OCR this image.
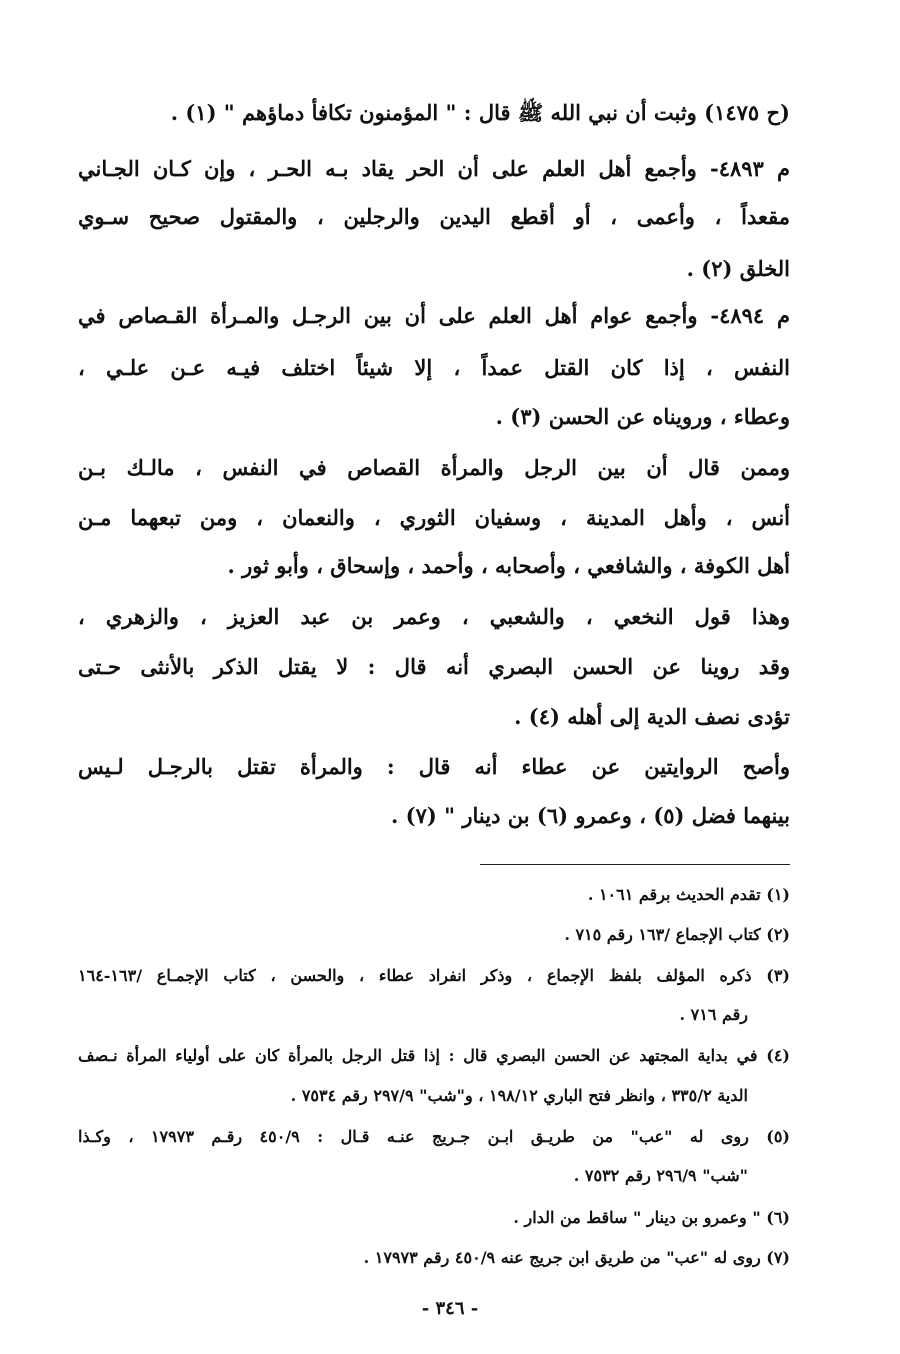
(ح ١٤٧٥) وثبت أن نبي الله ﷺ قال : " المؤمنون تكافأ دماؤهم " (١) .
م ٤٨٩٣- وأجمع أهل العلم على أن الحر يقاد بـه الحـر ، وإن كـان الجـاني
مقعداً ، وأعمى ، أو أقطع اليدين والرجلين ، والمقتول صحيح سـوي
الخلق (٢) .
م ٤٨٩٤- وأجمع عوام أهل العلم على أن بين الرجـل والمـرأة القـصاص في
النفس ، إذا كان القتل عمداً ، إلا شيئاً اختلف فيـه عـن علـي ،
وعطاء ، ورويناه عن الحسن (٣) .
وممن قال أن بين الرجل والمرأة القصاص في النفس ، مالـك بـن
أنس ، وأهل المدينة ، وسفيان الثوري ، والنعمان ، ومن تبعهما مـن
أهل الكوفة ، والشافعي ، وأصحابه ، وأحمد ، وإسحاق ، وأبو ثور .
وهذا قول النخعي ، والشعبي ، وعمر بن عبد العزيز ، والزهري ،
وقد روينا عن الحسن البصري أنه قال : لا يقتل الذكر بالأنثى حـتى
تؤدى نصف الدية إلى أهله (٤) .
وأصح الروايتين عن عطاء أنه قال : والمرأة تقتل بالرجـل لـيس
بينهما فضل (٥) ، وعمرو (٦) بن دينار " (٧) .
(١) تقدم الحديث برقم ١٠٦١ .
(٢) كتاب الإجماع /١٦٣ رقم ٧١٥ .
(٣) ذكره المؤلف بلفظ الإجماع ، وذكر انفراد عطاء ، والحسن ، كتاب الإجمـاع /١٦٣-١٦٤
رقم ٧١٦ .
(٤) في بداية المجتهد عن الحسن البصري قال : إذا قتل الرجل بالمرأة كان على أولياء المرأة نـصف
الدية ٣٣٥/٢ ، وانظر فتح الباري ١٩٨/١٢ ، و"شب" ٢٩٧/٩ رقم ٧٥٣٤ .
(٥) روى له "عب" من طريـق ابـن جـريج عنـه قـال : ٤٥٠/٩ رقـم ١٧٩٧٣ ، وكـذا
"شب" ٢٩٦/٩ رقم ٧٥٣٢ .
(٦) " وعمرو بن دينار " ساقط من الدار .
(٧) روى له "عب" من طريق ابن جريج عنه ٤٥٠/٩ رقم ١٧٩٧٣ .
- ٣٤٦ -
